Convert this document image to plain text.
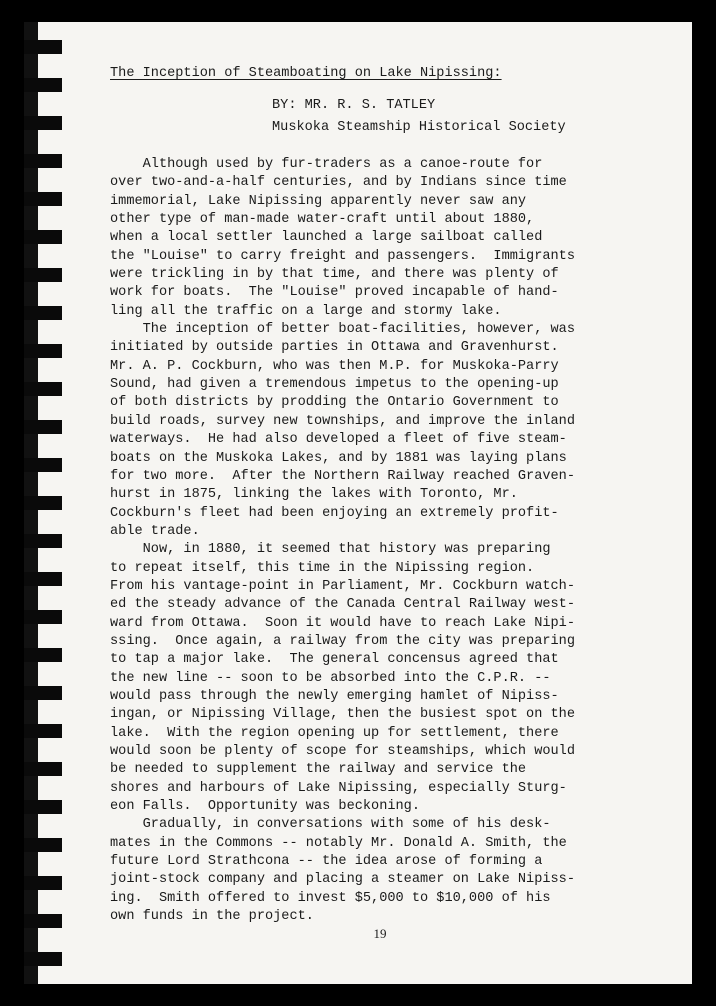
The Inception of Steamboating on Lake Nipissing:
BY: MR. R. S. TATLEY
Muskoka Steamship Historical Society
Although used by fur-traders as a canoe-route for
over two-and-a-half centuries, and by Indians since time
immemorial, Lake Nipissing apparently never saw any
other type of man-made water-craft until about 1880,
when a local settler launched a large sailboat called
the "Louise" to carry freight and passengers.  Immigrants
were trickling in by that time, and there was plenty of
work for boats.  The "Louise" proved incapable of hand-
ling all the traffic on a large and stormy lake.
The inception of better boat-facilities, however, was
initiated by outside parties in Ottawa and Gravenhurst.
Mr. A. P. Cockburn, who was then M.P. for Muskoka-Parry
Sound, had given a tremendous impetus to the opening-up
of both districts by prodding the Ontario Government to
build roads, survey new townships, and improve the inland
waterways.  He had also developed a fleet of five steam-
boats on the Muskoka Lakes, and by 1881 was laying plans
for two more.  After the Northern Railway reached Graven-
hurst in 1875, linking the lakes with Toronto, Mr.
Cockburn's fleet had been enjoying an extremely profit-
able trade.
Now, in 1880, it seemed that history was preparing
to repeat itself, this time in the Nipissing region.
From his vantage-point in Parliament, Mr. Cockburn watch-
ed the steady advance of the Canada Central Railway west-
ward from Ottawa.  Soon it would have to reach Lake Nipi-
ssing.  Once again, a railway from the city was preparing
to tap a major lake.  The general concensus agreed that
the new line -- soon to be absorbed into the C.P.R. --
would pass through the newly emerging hamlet of Nipiss-
ingan, or Nipissing Village, then the busiest spot on the
lake.  With the region opening up for settlement, there
would soon be plenty of scope for steamships, which would
be needed to supplement the railway and service the
shores and harbours of Lake Nipissing, especially Sturg-
eon Falls.  Opportunity was beckoning.
Gradually, in conversations with some of his desk-
mates in the Commons -- notably Mr. Donald A. Smith, the
future Lord Strathcona -- the idea arose of forming a
joint-stock company and placing a steamer on Lake Nipiss-
ing.  Smith offered to invest $5,000 to $10,000 of his
own funds in the project.
19
